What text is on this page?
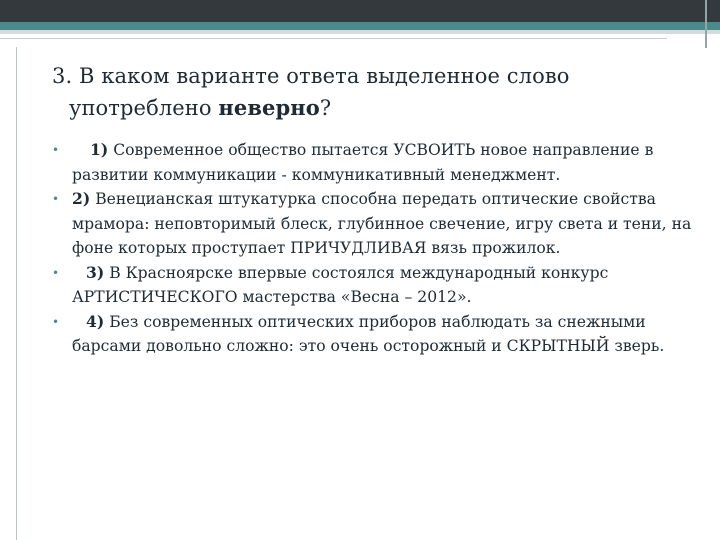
3. В каком варианте ответа выделенное слово
употреблено неверно?
• 1) Современное общество пытается УСВОИТЬ новое направление в развитии коммуникации - коммуникативный менеджмент.
• 2) Венецианская штукатурка способна передать оптические свойства мрамора: неповторимый блеск, глубинное свечение, игру света и тени, на фоне которых проступает ПРИЧУДЛИВАЯ вязь прожилок.
• 3) В Красноярске впервые состоялся международный конкурс АРТИСТИЧЕСКОГО мастерства «Весна – 2012».
• 4) Без современных оптических приборов наблюдать за снежными барсами довольно сложно: это очень осторожный и СКРЫТНЫЙ зверь.
